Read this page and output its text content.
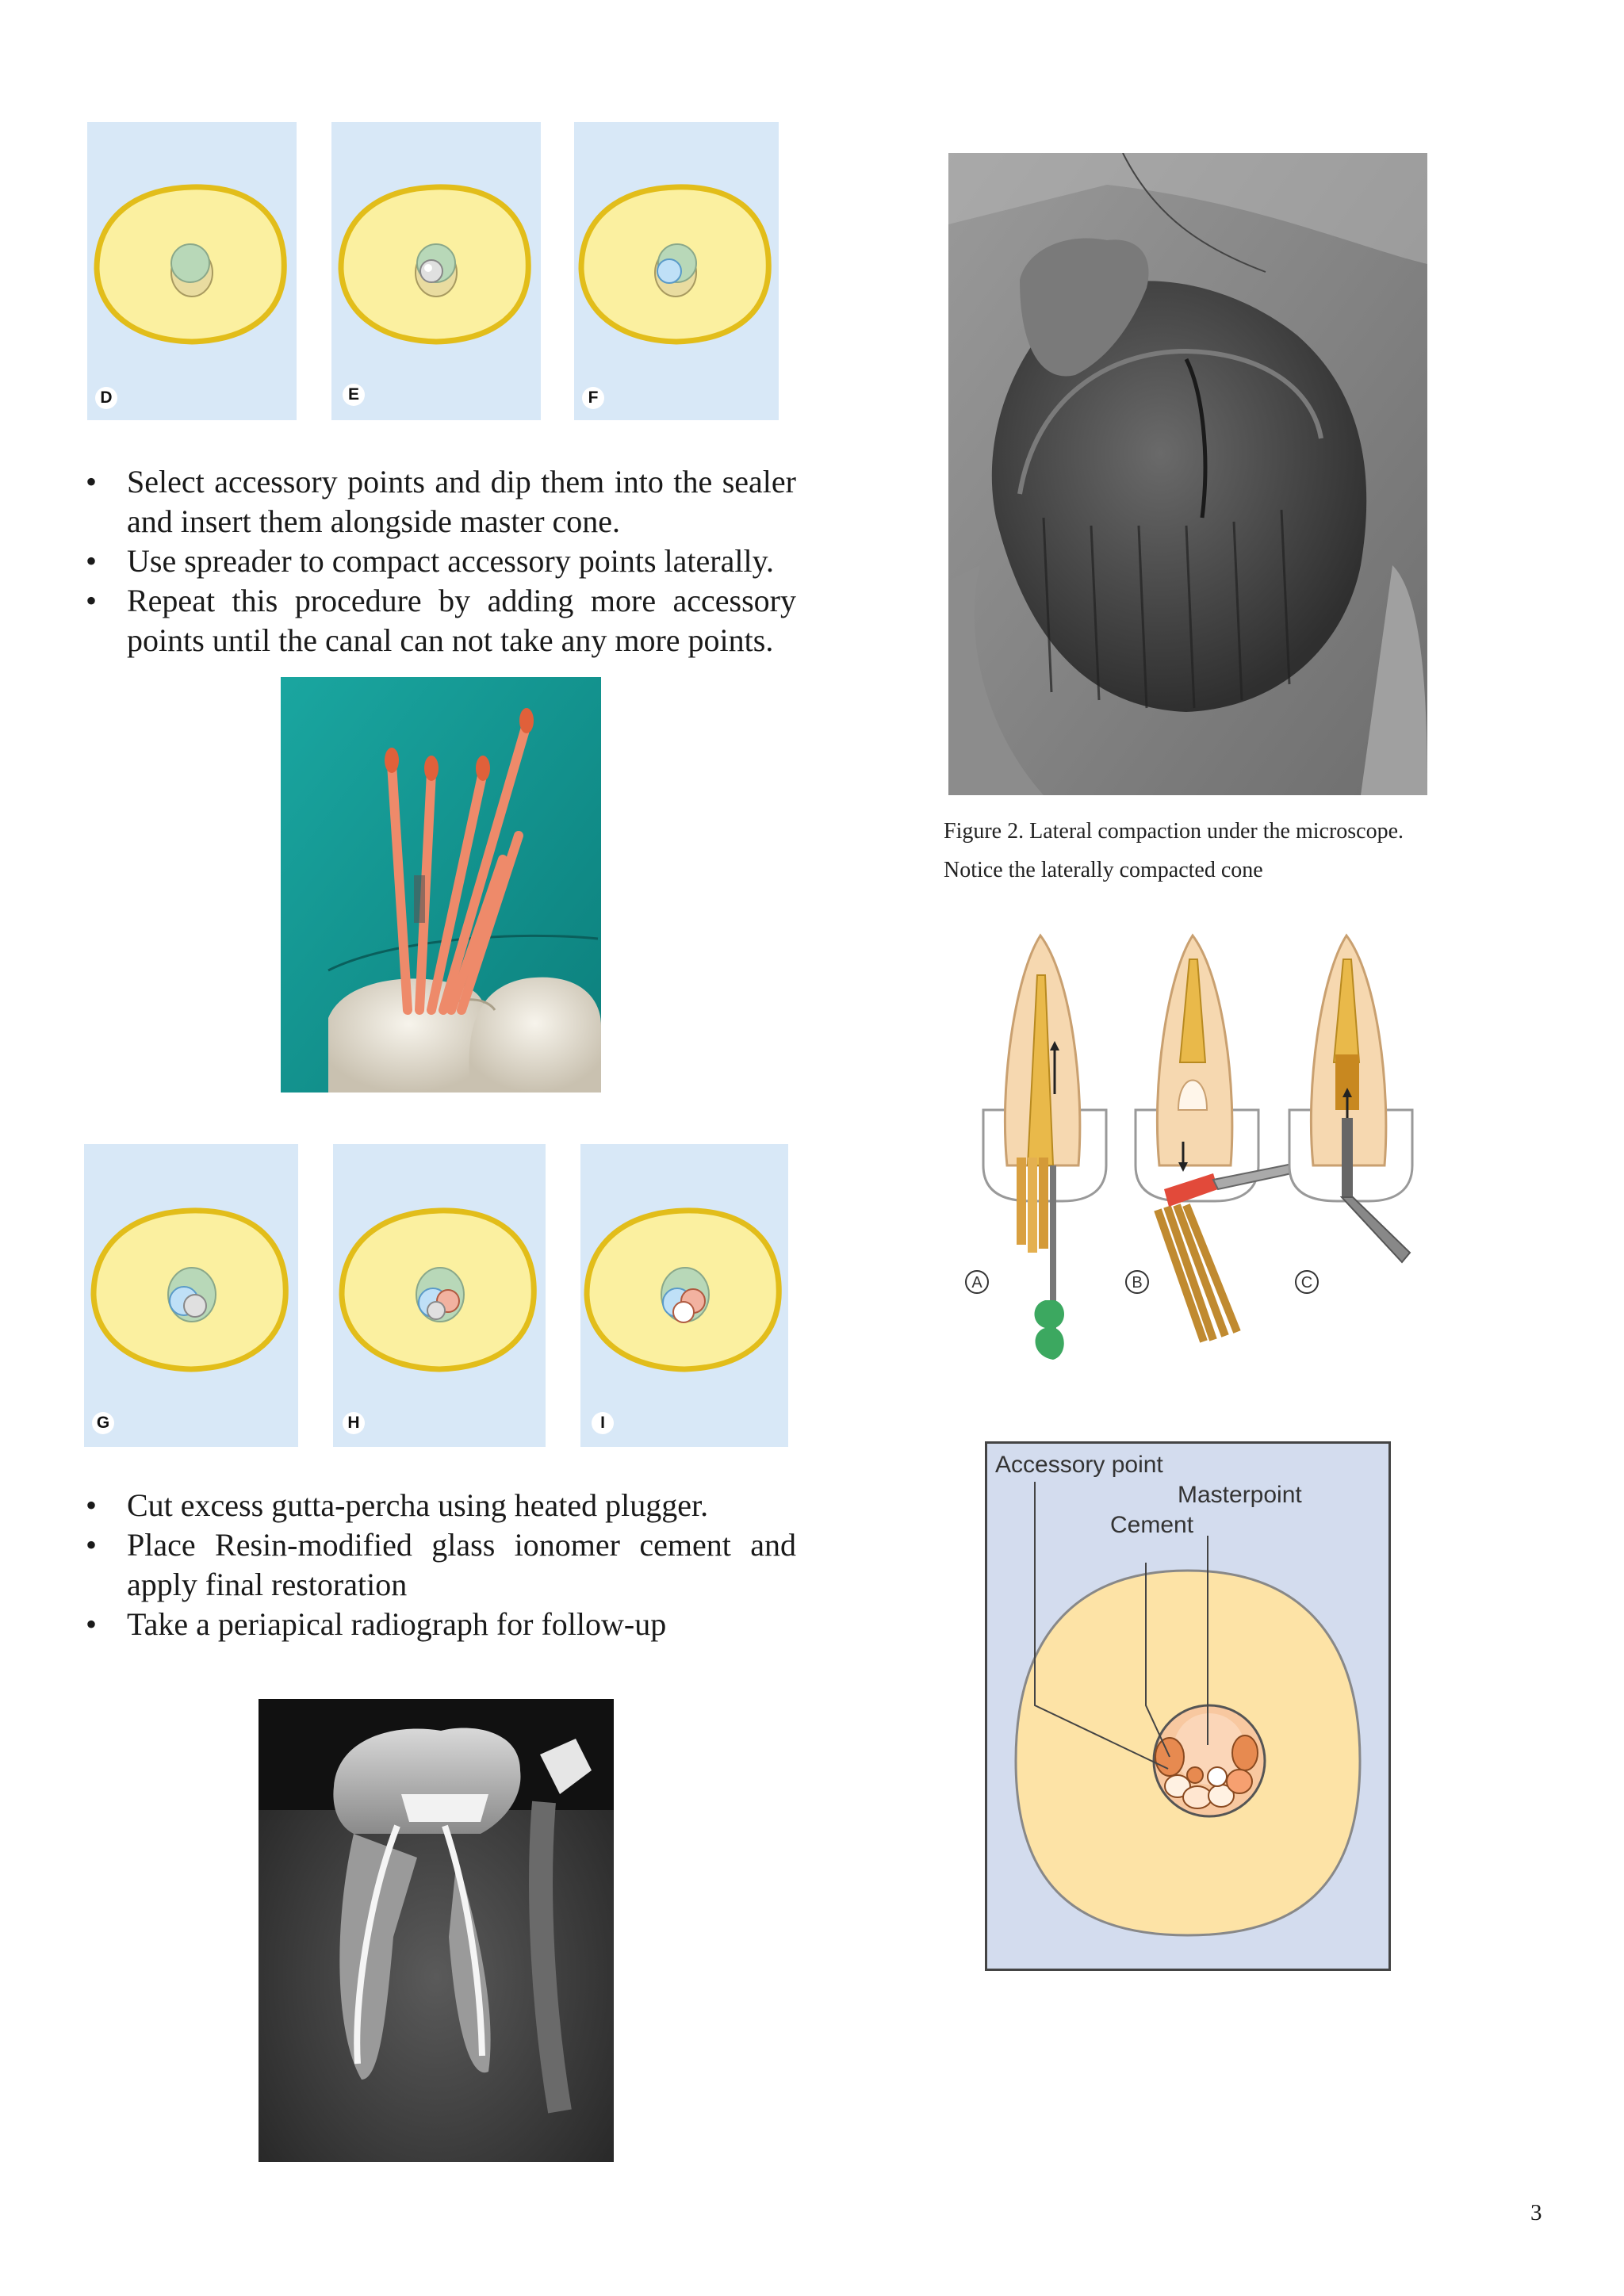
D	E	F
• Select accessory points and dip them into the sealer and insert them alongside master cone.
• Use spreader to compact accessory points laterally.
• Repeat this procedure by adding more accessory points until the canal can not take any more points.
Figure 2. Lateral compaction under the microscope.
Notice the laterally compacted cone
A	B	C
G	H	I
• Cut excess gutta-percha using heated plugger.
• Place Resin-modified glass ionomer cement and apply final restoration
• Take a periapical radiograph for follow-up
Accessory point
Masterpoint
Cement
3
